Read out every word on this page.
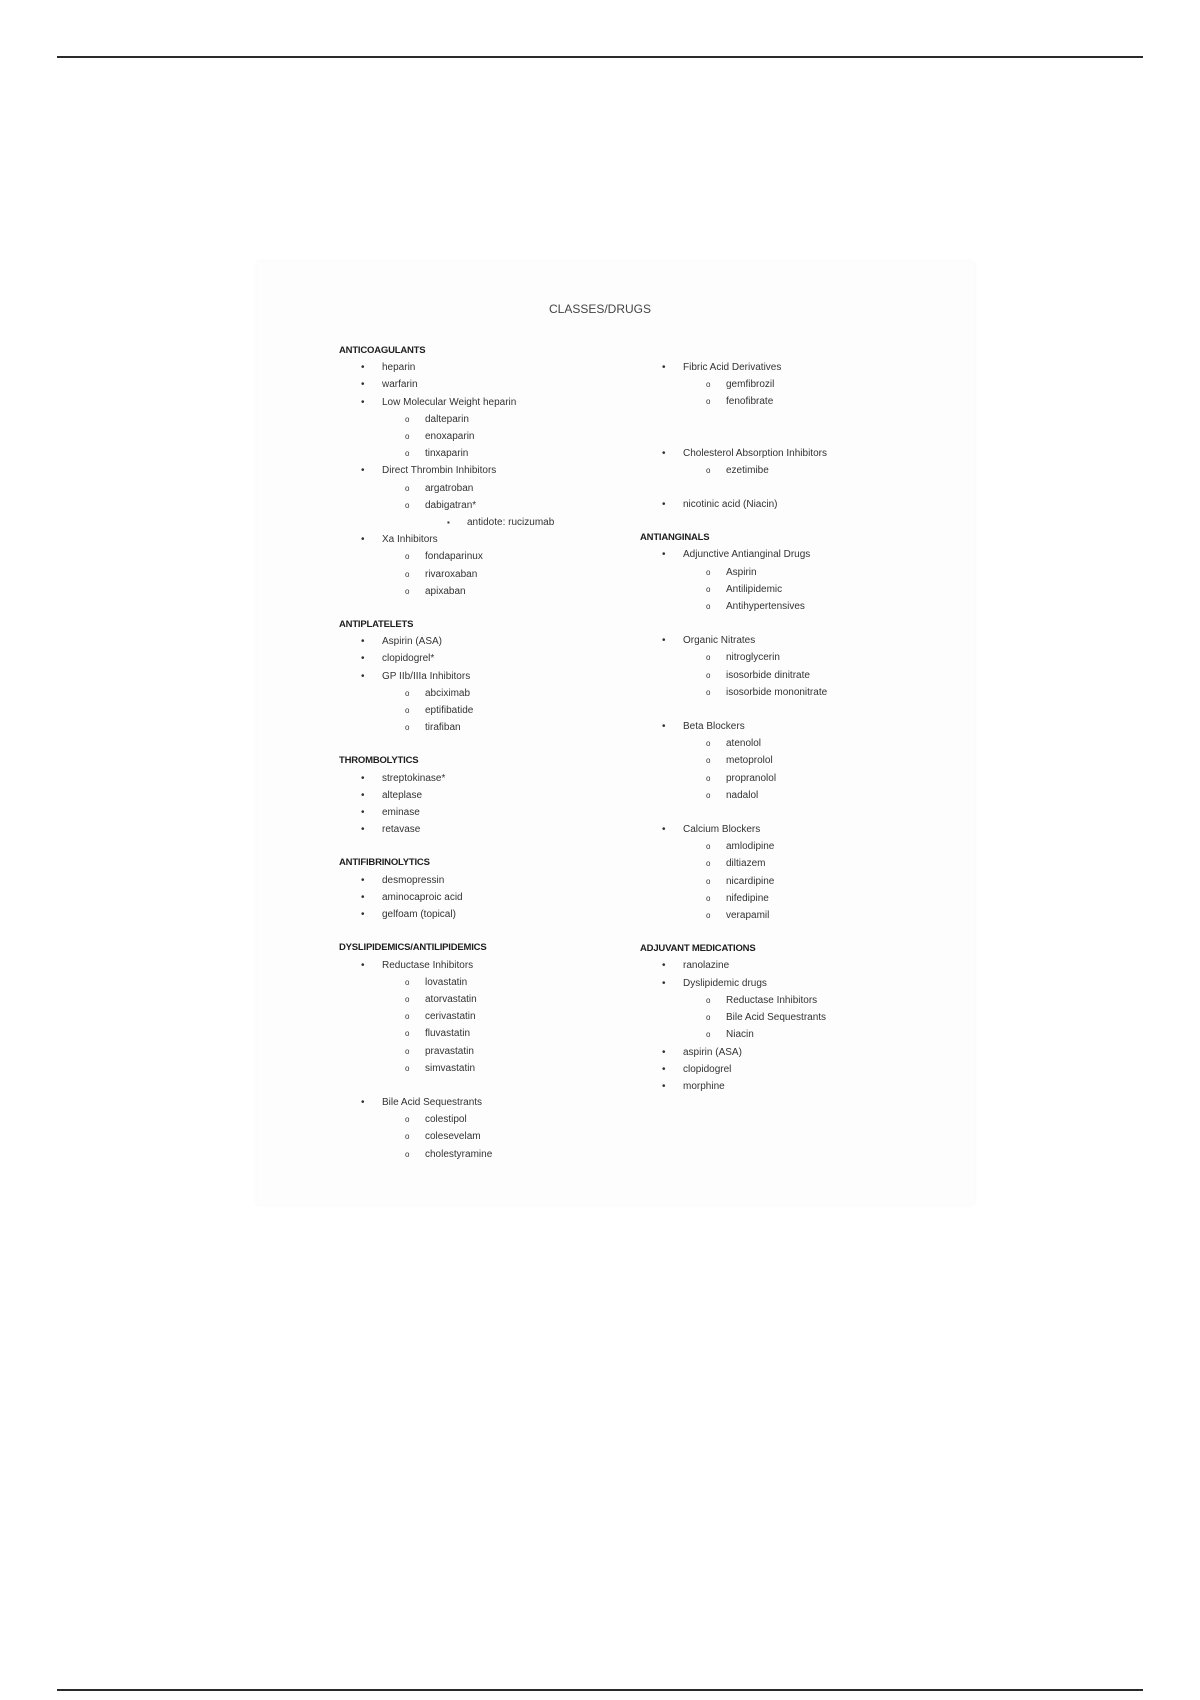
CLASSES/DRUGS
ANTICOAGULANTS
• heparin
• warfarin
• Low Molecular Weight heparin
o dalteparin
o enoxaparin
o tinxaparin
• Direct Thrombin Inhibitors
o argatroban
o dabigatran*
▪ antidote: rucizumab
• Xa Inhibitors
o fondaparinux
o rivaroxaban
o apixaban
ANTIPLATELETS
• Aspirin (ASA)
• clopidogrel*
• GP IIb/IIIa Inhibitors
o abciximab
o eptifibatide
o tirafiban
THROMBOLYTICS
• streptokinase*
• alteplase
• eminase
• retavase
ANTIFIBRINOLYTICS
• desmopressin
• aminocaproic acid
• gelfoam (topical)
DYSLIPIDEMICS/ANTILIPIDEMICS
• Reductase Inhibitors
o lovastatin
o atorvastatin
o cerivastatin
o fluvastatin
o pravastatin
o simvastatin
• Bile Acid Sequestrants
o colestipol
o colesevelam
o cholestyramine
• Fibric Acid Derivatives
o gemfibrozil
o fenofibrate
• Cholesterol Absorption Inhibitors
o ezetimibe
• nicotinic acid (Niacin)
ANTIANGINALS
• Adjunctive Antianginal Drugs
o Aspirin
o Antilipidemic
o Antihypertensives
• Organic Nitrates
o nitroglycerin
o isosorbide dinitrate
o isosorbide mononitrate
• Beta Blockers
o atenolol
o metoprolol
o propranolol
o nadalol
• Calcium Blockers
o amlodipine
o diltiazem
o nicardipine
o nifedipine
o verapamil
ADJUVANT MEDICATIONS
• ranolazine
• Dyslipidemic drugs
o Reductase Inhibitors
o Bile Acid Sequestrants
o Niacin
• aspirin (ASA)
• clopidogrel
• morphine
